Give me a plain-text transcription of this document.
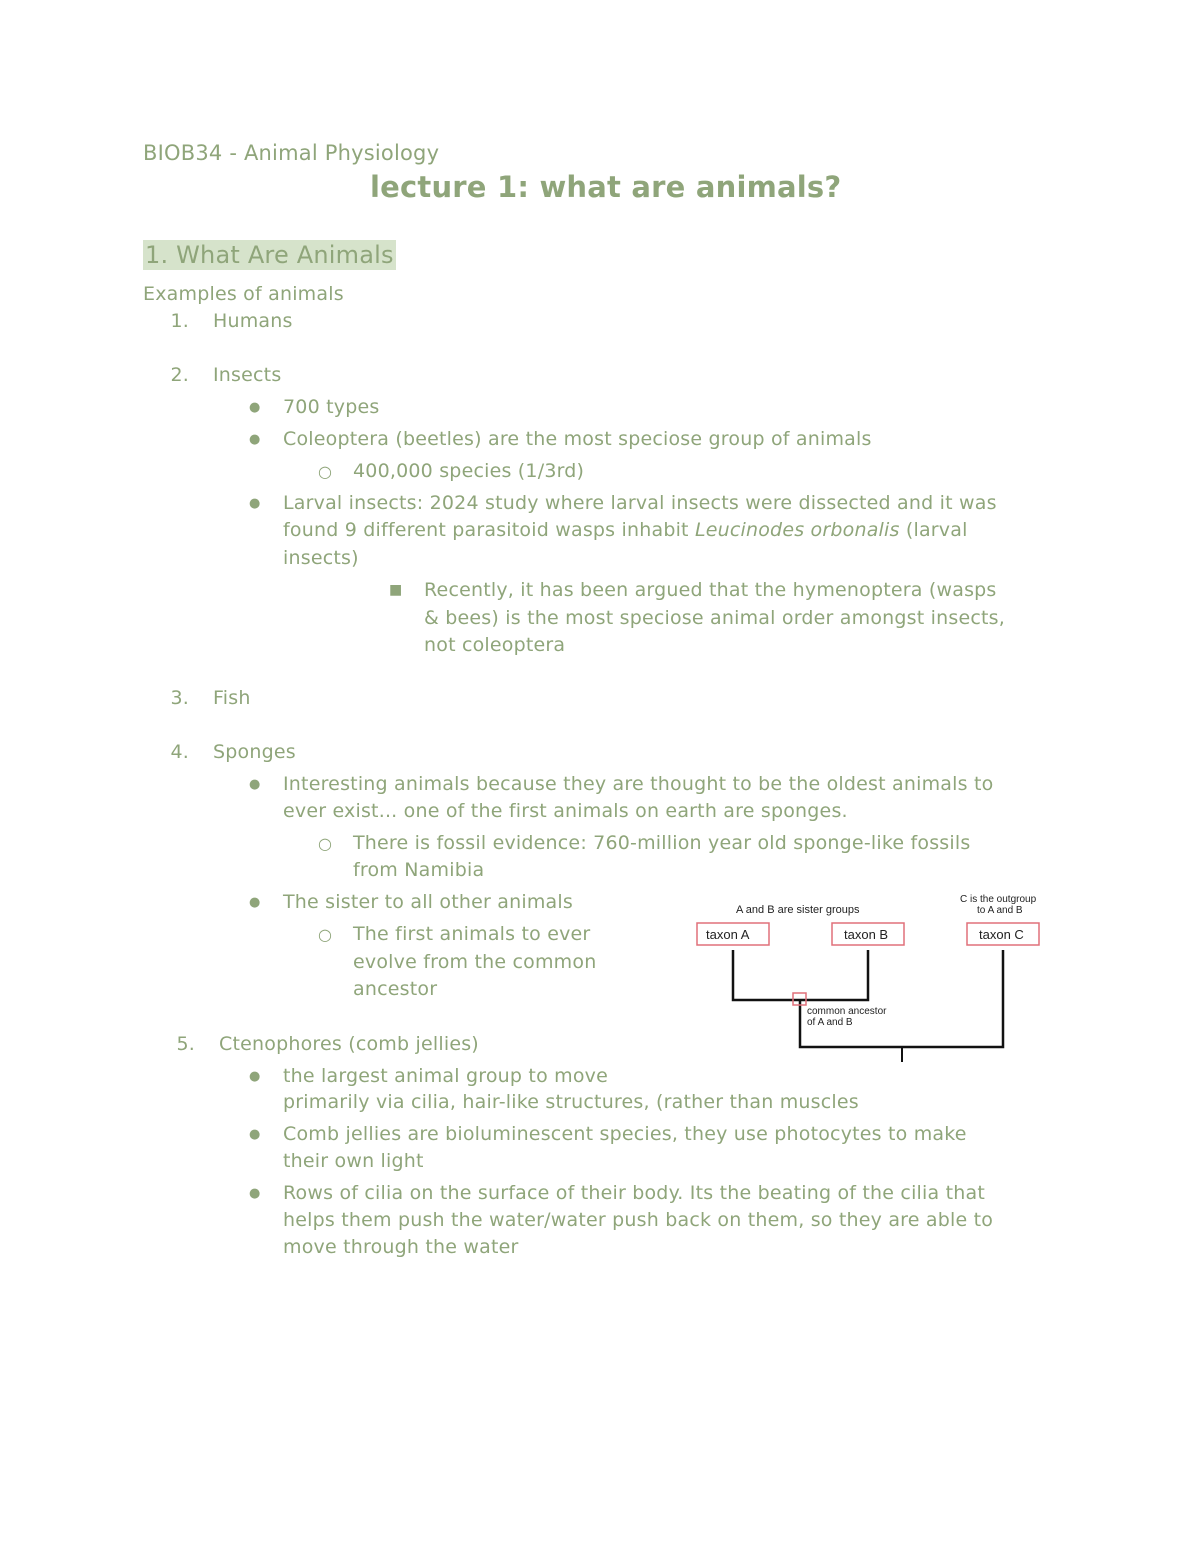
BIOB34 - Animal Physiology
lecture 1: what are animals?
1. What Are Animals
Examples of animals
1. Humans
2. Insects
● 700 types
● Coleoptera (beetles) are the most speciose group of animals
○ 400,000 species (1/3rd)
● Larval insects: 2024 study where larval insects were dissected and it was
found 9 different parasitoid wasps inhabit Leucinodes orbonalis (larval
insects)
■ Recently, it has been argued that the hymenoptera (wasps
& bees) is the most speciose animal order amongst insects,
not coleoptera
3. Fish
4. Sponges
● Interesting animals because they are thought to be the oldest animals to
ever exist... one of the first animals on earth are sponges.
○ There is fossil evidence: 760-million year old sponge-like fossils
from Namibia
● The sister to all other animals
○ The first animals to ever
evolve from the common
ancestor
A and B are sister groups
C is the outgroup
to A and B
taxon A	taxon B	taxon C
common ancestor
of A and B
5. Ctenophores (comb jellies)
● the largest animal group to move
primarily via cilia, hair-like structures, (rather than muscles
● Comb jellies are bioluminescent species, they use photocytes to make
their own light
● Rows of cilia on the surface of their body. Its the beating of the cilia that
helps them push the water/water push back on them, so they are able to
move through the water
